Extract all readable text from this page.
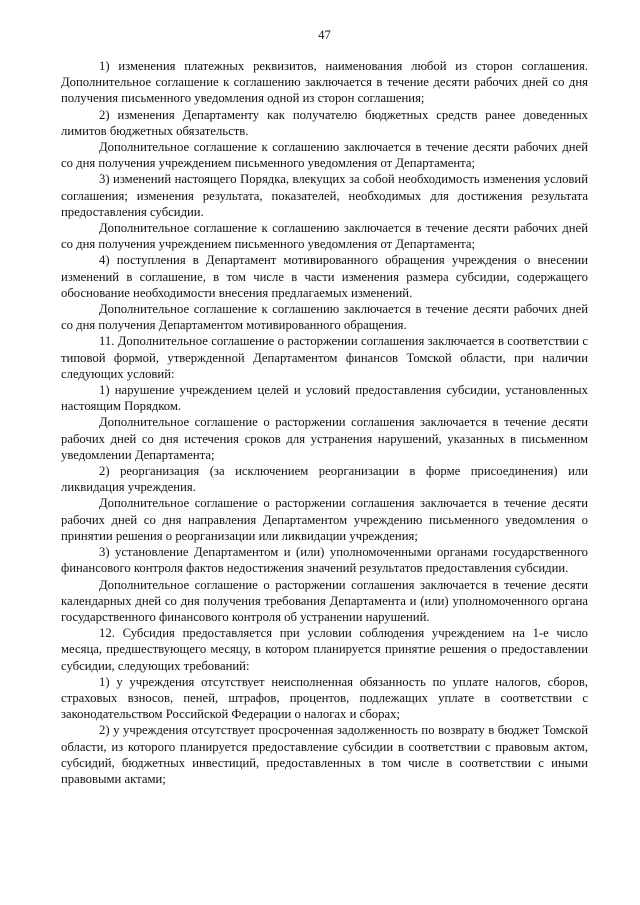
47

1) изменения платежных реквизитов, наименования любой из сторон соглашения. Дополнительное соглашение к соглашению заключается в течение десяти рабочих дней со дня получения письменного уведомления одной из сторон соглашения;

2) изменения Департаменту как получателю бюджетных средств ранее доведенных лимитов бюджетных обязательств.

Дополнительное соглашение к соглашению заключается в течение десяти рабочих дней со дня получения учреждением письменного уведомления от Департамента;

3) изменений настоящего Порядка, влекущих за собой необходимость изменения условий соглашения; изменения результата, показателей, необходимых для достижения результата предоставления субсидии.

Дополнительное соглашение к соглашению заключается в течение десяти рабочих дней со дня получения учреждением письменного уведомления от Департамента;

4) поступления в Департамент мотивированного обращения учреждения о внесении изменений в соглашение, в том числе в части изменения размера субсидии, содержащего обоснование необходимости внесения предлагаемых изменений.

Дополнительное соглашение к соглашению заключается в течение десяти рабочих дней со дня получения Департаментом мотивированного обращения.

11. Дополнительное соглашение о расторжении соглашения заключается в соответствии с типовой формой, утвержденной Департаментом финансов Томской области, при наличии следующих условий:

1) нарушение учреждением целей и условий предоставления субсидии, установленных настоящим Порядком.

Дополнительное соглашение о расторжении соглашения заключается в течение десяти рабочих дней со дня истечения сроков для устранения нарушений, указанных в письменном уведомлении Департамента;

2) реорганизация (за исключением реорганизации в форме присоединения) или ликвидация учреждения.

Дополнительное соглашение о расторжении соглашения заключается в течение десяти рабочих дней со дня направления Департаментом учреждению письменного уведомления о принятии решения о реорганизации или ликвидации учреждения;

3) установление Департаментом и (или) уполномоченными органами государственного финансового контроля фактов недостижения значений результатов предоставления субсидии.

Дополнительное соглашение о расторжении соглашения заключается в течение десяти календарных дней со дня получения требования Департамента и (или) уполномоченного органа государственного финансового контроля об устранении нарушений.

12. Субсидия предоставляется при условии соблюдения учреждением на 1-е число месяца, предшествующего месяцу, в котором планируется принятие решения о предоставлении субсидии, следующих требований:

1) у учреждения отсутствует неисполненная обязанность по уплате налогов, сборов, страховых взносов, пеней, штрафов, процентов, подлежащих уплате в соответствии с законодательством Российской Федерации о налогах и сборах;

2) у учреждения отсутствует просроченная задолженность по возврату в бюджет Томской области, из которого планируется предоставление субсидии в соответствии с правовым актом, субсидий, бюджетных инвестиций, предоставленных в том числе в соответствии с иными правовыми актами;
